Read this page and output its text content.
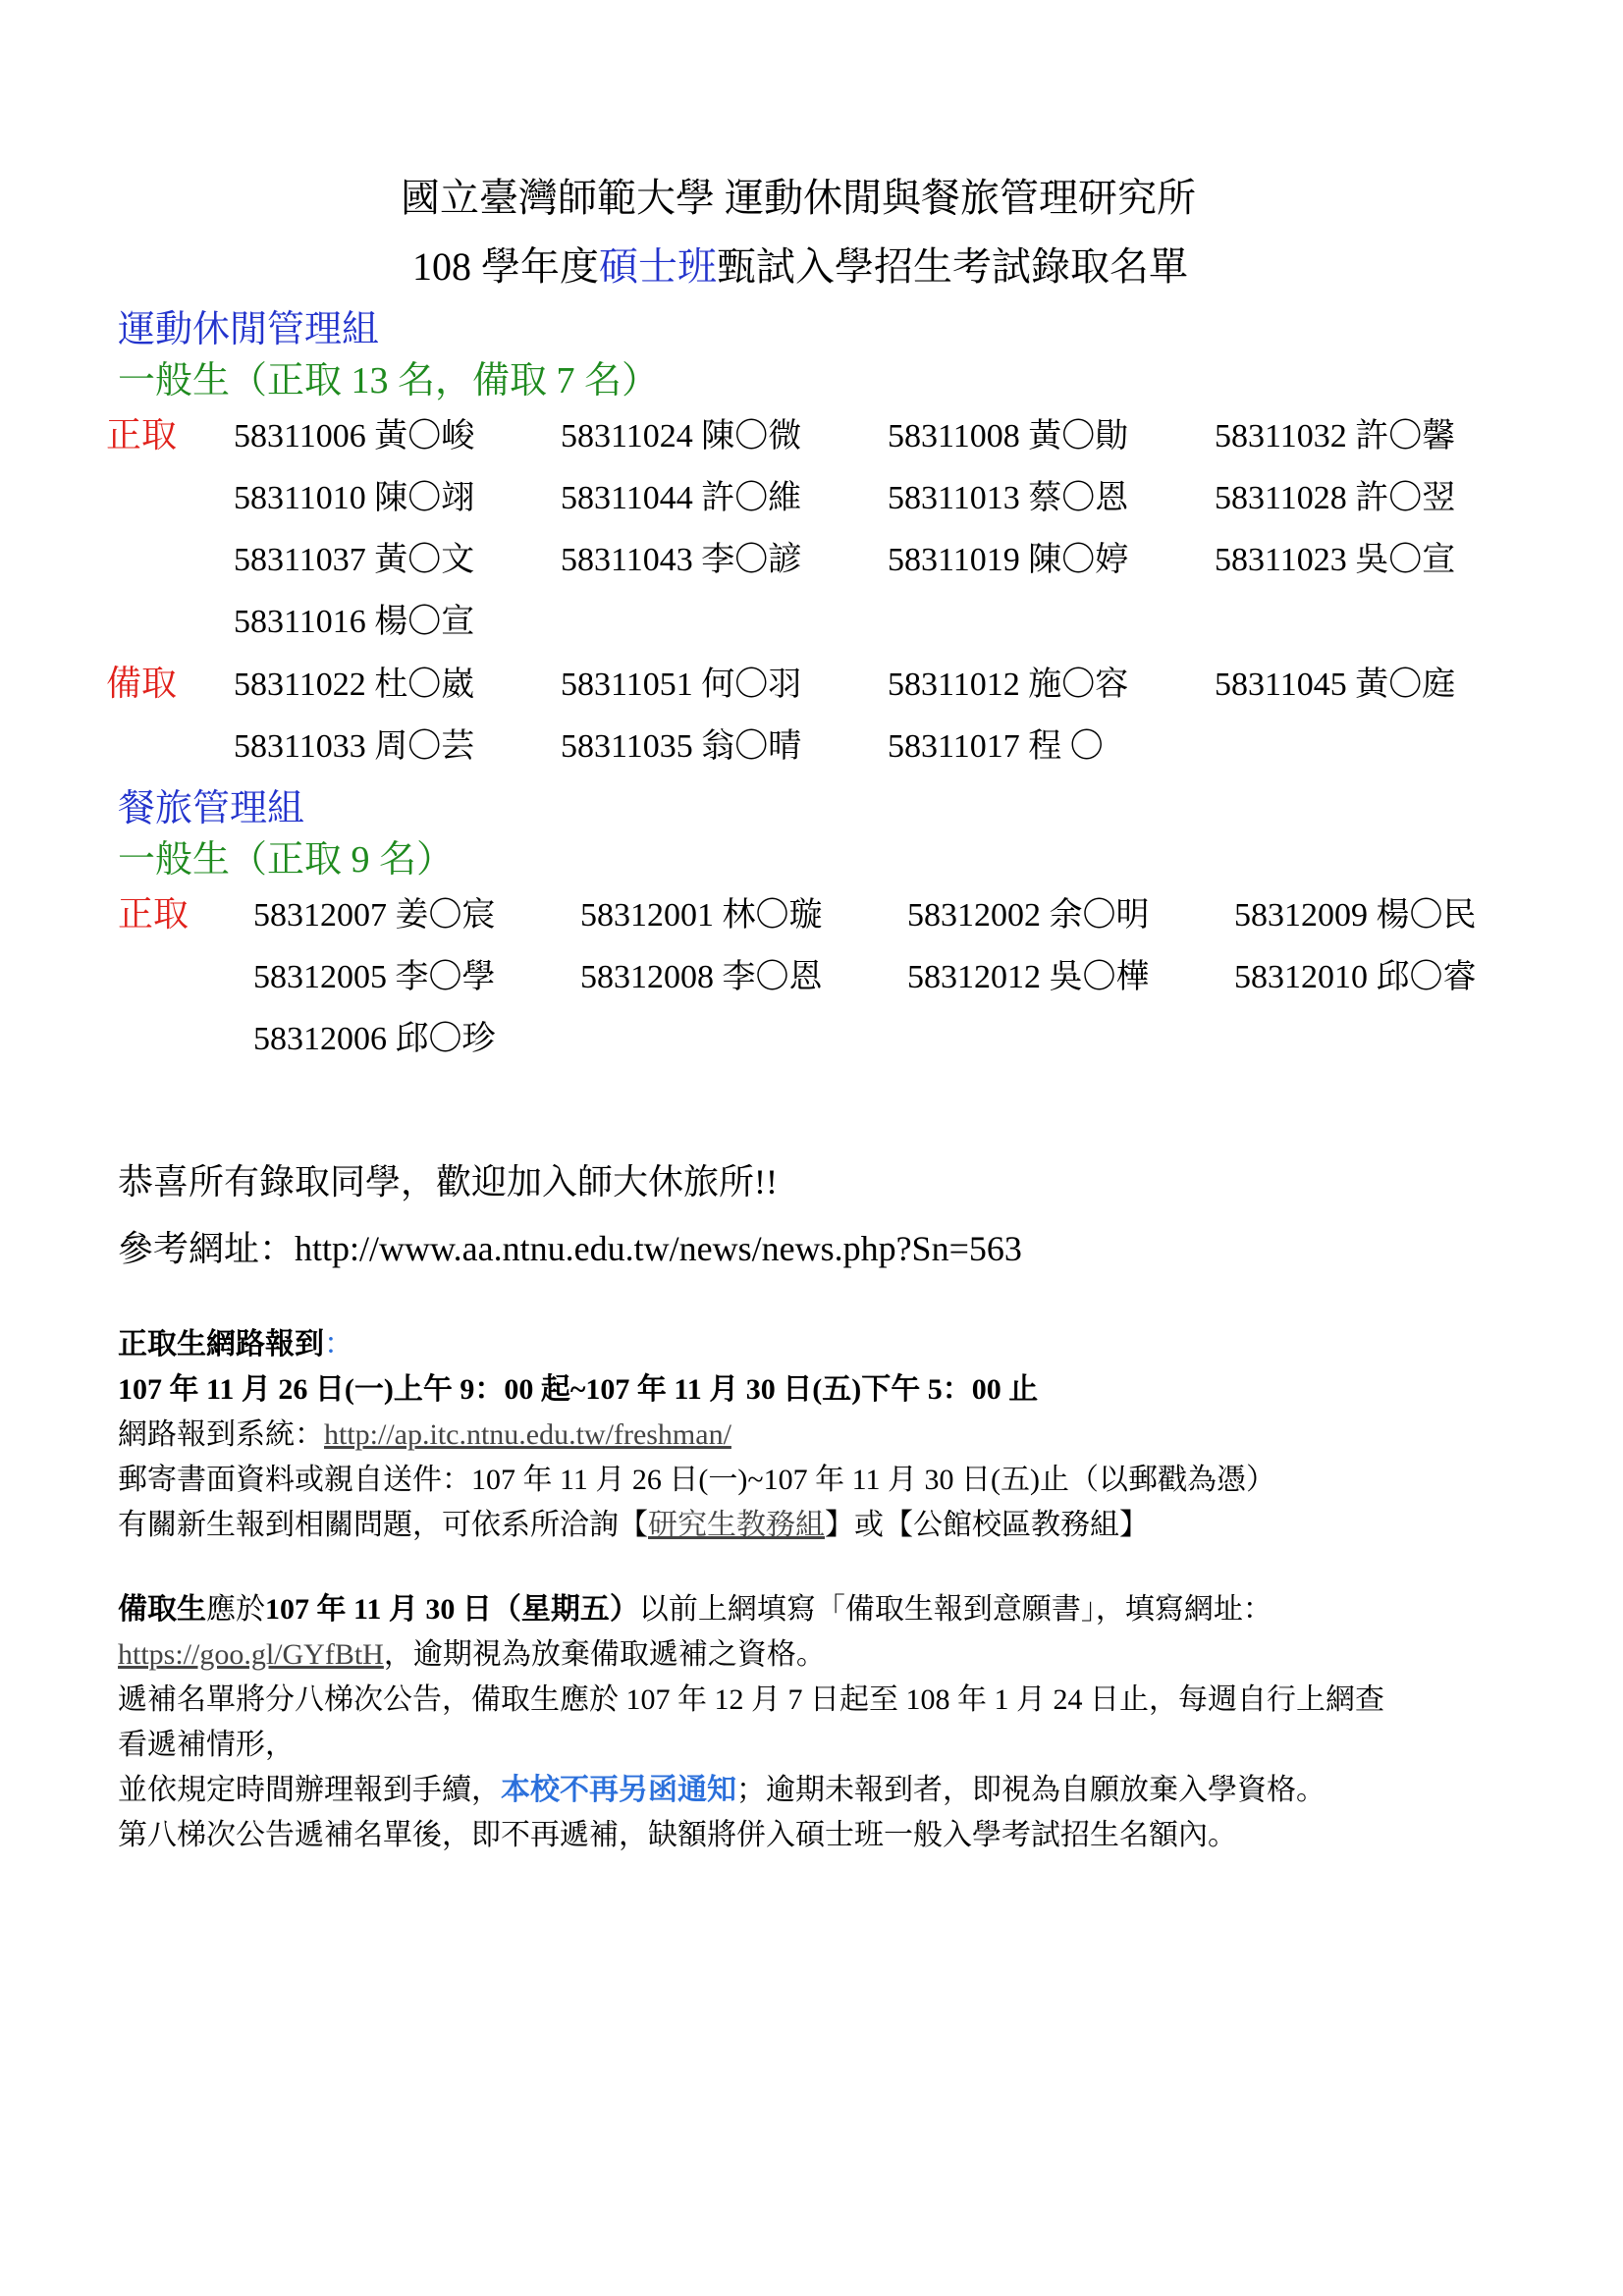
國立臺灣師範大學 運動休閒與餐旅管理研究所
108 學年度碩士班甄試入學招生考試錄取名單
運動休閒管理組
一般生（正取 13 名，備取 7 名）
正取 58311006 黃〇峻	58311024 陳〇微	58311008 黃〇勛	58311032 許〇馨
58311010 陳〇翊	58311044 許〇維	58311013 蔡〇恩	58311028 許〇翌
58311037 黃〇文	58311043 李〇諺	58311019 陳〇婷	58311023 吳〇宣
58311016 楊〇宣
備取 58311022 杜〇崴	58311051 何〇羽	58311012 施〇容	58311045 黃〇庭
58311033 周〇芸	58311035 翁〇晴	58311017 程 〇
餐旅管理組
一般生（正取 9 名）
正取 58312007 姜〇宸	58312001 林〇璇	58312002 余〇明	58312009 楊〇民
58312005 李〇學	58312008 李〇恩	58312012 吳〇樺	58312010 邱〇睿
58312006 邱〇珍
恭喜所有錄取同學，歡迎加入師大休旅所!!
參考網址：http://www.aa.ntnu.edu.tw/news/news.php?Sn=563
正取生網路報到：
107 年 11 月 26 日(一)上午 9：00 起~107 年 11 月 30 日(五)下午 5：00 止
網路報到系統：http://ap.itc.ntnu.edu.tw/freshman/
郵寄書面資料或親自送件：107 年 11 月 26 日(一)~107 年 11 月 30 日(五)止（以郵戳為憑）
有關新生報到相關問題，可依系所洽詢【研究生教務組】或【公館校區教務組】
備取生應於107 年 11 月 30 日（星期五）以前上網填寫「備取生報到意願書」，填寫網址：
https://goo.gl/GYfBtH，逾期視為放棄備取遞補之資格。
遞補名單將分八梯次公告，備取生應於 107 年 12 月 7 日起至 108 年 1 月 24 日止，每週自行上網查
看遞補情形，
並依規定時間辦理報到手續，本校不再另函通知；逾期未報到者，即視為自願放棄入學資格。
第八梯次公告遞補名單後，即不再遞補，缺額將併入碩士班一般入學考試招生名額內。
